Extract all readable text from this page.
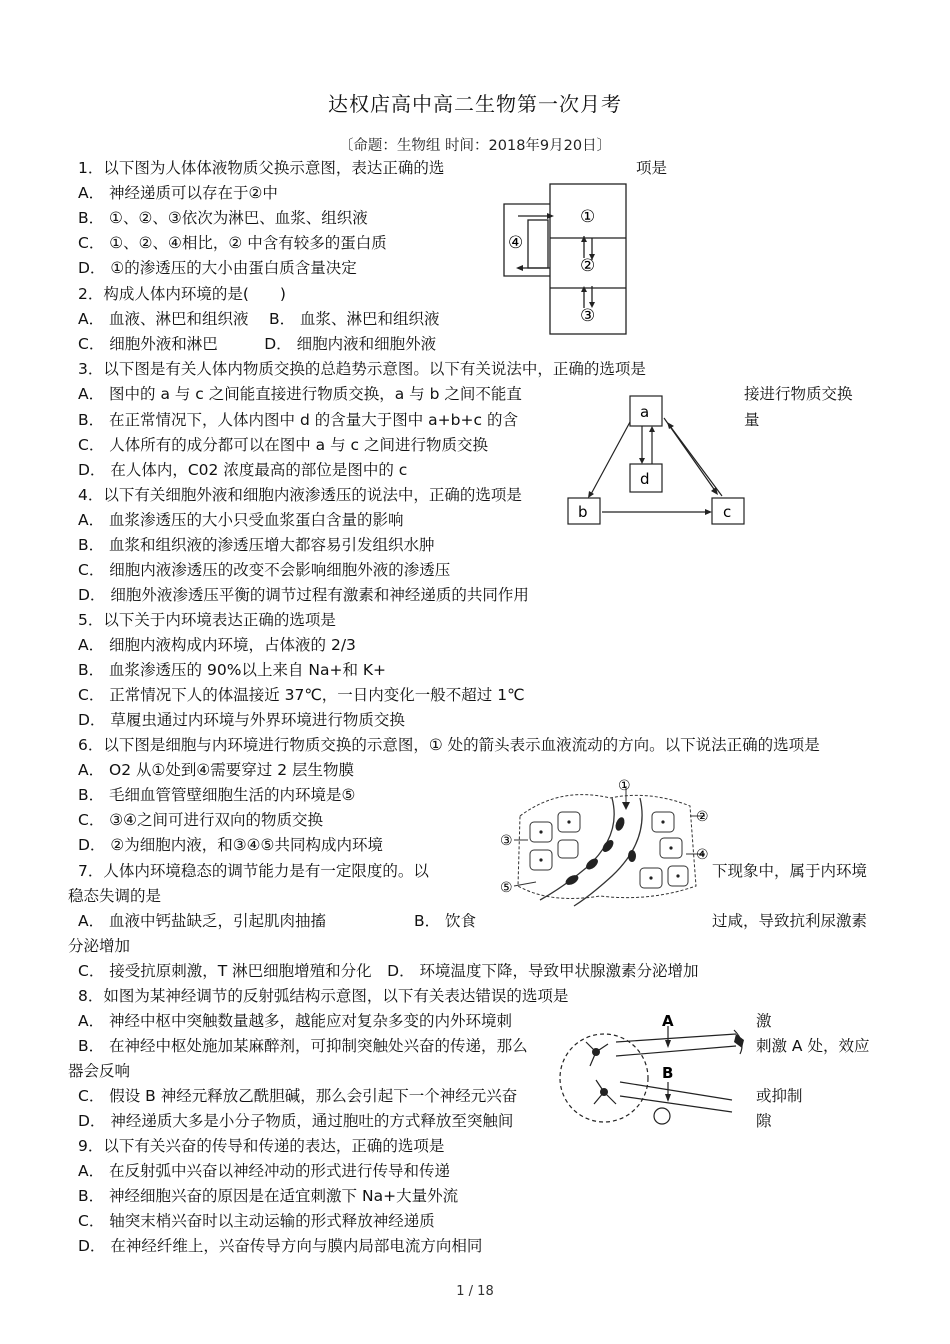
达权店高中高二生物第一次月考
〔命题：生物组 时间：2018年9月20日〕
1．以下图为人体体液物质父换示意图，表达正确的选	项是
A． 神经递质可以存在于②中
B． ①、②、③依次为淋巴、血浆、组织液
C． ①、②、④相比，② 中含有较多的蛋白质
D． ①的渗透压的大小由蛋白质含量决定
2．构成人体内环境的是(　　)
A． 血液、淋巴和组织液　 B． 血浆、淋巴和组织液
C． 细胞外液和淋巴　　　D． 细胞内液和细胞外液
3．以下图是有关人体内物质交换的总趋势示意图。以下有关说法中，正确的选项是
A． 图中的 a 与 c 之间能直接进行物质交换，a 与 b 之间不能直	接进行物质交换
B． 在正常情况下，人体内图中 d 的含量大于图中 a+b+c 的含	量
C． 人体所有的成分都可以在图中 a 与 c 之间进行物质交换
D． 在人体内，C02 浓度最高的部位是图中的 c
4．以下有关细胞外液和细胞内液渗透压的说法中，正确的选项是
A． 血浆渗透压的大小只受血浆蛋白含量的影响
B． 血浆和组织液的渗透压增大都容易引发组织水肿
C． 细胞内液渗透压的改变不会影响细胞外液的渗透压
D． 细胞外液渗透压平衡的调节过程有激素和神经递质的共同作用
5．以下关于内环境表达正确的选项是
A． 细胞内液构成内环境，占体液的 2/3
B． 血浆渗透压的 90%以上来自 Na+和 K+
C． 正常情况下人的体温接近 37℃，一日内变化一般不超过 1℃
D． 草履虫通过内环境与外界环境进行物质交换
6．以下图是细胞与内环境进行物质交换的示意图，① 处的箭头表示血液流动的方向。以下说法正确的选项是
A． O2 从①处到④需要穿过 2 层生物膜
B． 毛细血管管壁细胞生活的内环境是⑤
C． ③④之间可进行双向的物质交换
D． ②为细胞内液，和③④⑤共同构成内环境
7．人体内环境稳态的调节能力是有一定限度的。以	下现象中，属于内环境
稳态失调的是
A． 血液中钙盐缺乏，引起肌肉抽搐	B． 饮食	过咸，导致抗利尿激素
分泌增加
C． 接受抗原刺激，T 淋巴细胞增殖和分化　D． 环境温度下降，导致甲状腺激素分泌增加
8．如图为某神经调节的反射弧结构示意图，以下有关表达错误的选项是
A． 神经中枢中突触数量越多，越能应对复杂多变的内外环境刺	激
B． 在神经中枢处施加某麻醉剂，可抑制突触处兴奋的传递，那么	刺激 A 处，效应
器会反响
C． 假设 B 神经元释放乙酰胆碱，那么会引起下一个神经元兴奋	或抑制
D． 神经递质大多是小分子物质，通过胞吐的方式释放至突触间	隙
9．以下有关兴奋的传导和传递的表达，正确的选项是
A． 在反射弧中兴奋以神经冲动的形式进行传导和传递
B． 神经细胞兴奋的原因是在适宜刺激下 Na+大量外流
C． 轴突末梢兴奋时以主动运输的形式释放神经递质
D． 在神经纤维上，兴奋传导方向与膜内局部电流方向相同
①
②
③
④
a
d
b	c
①
②
③
④
⑤
A
B
1 / 18
